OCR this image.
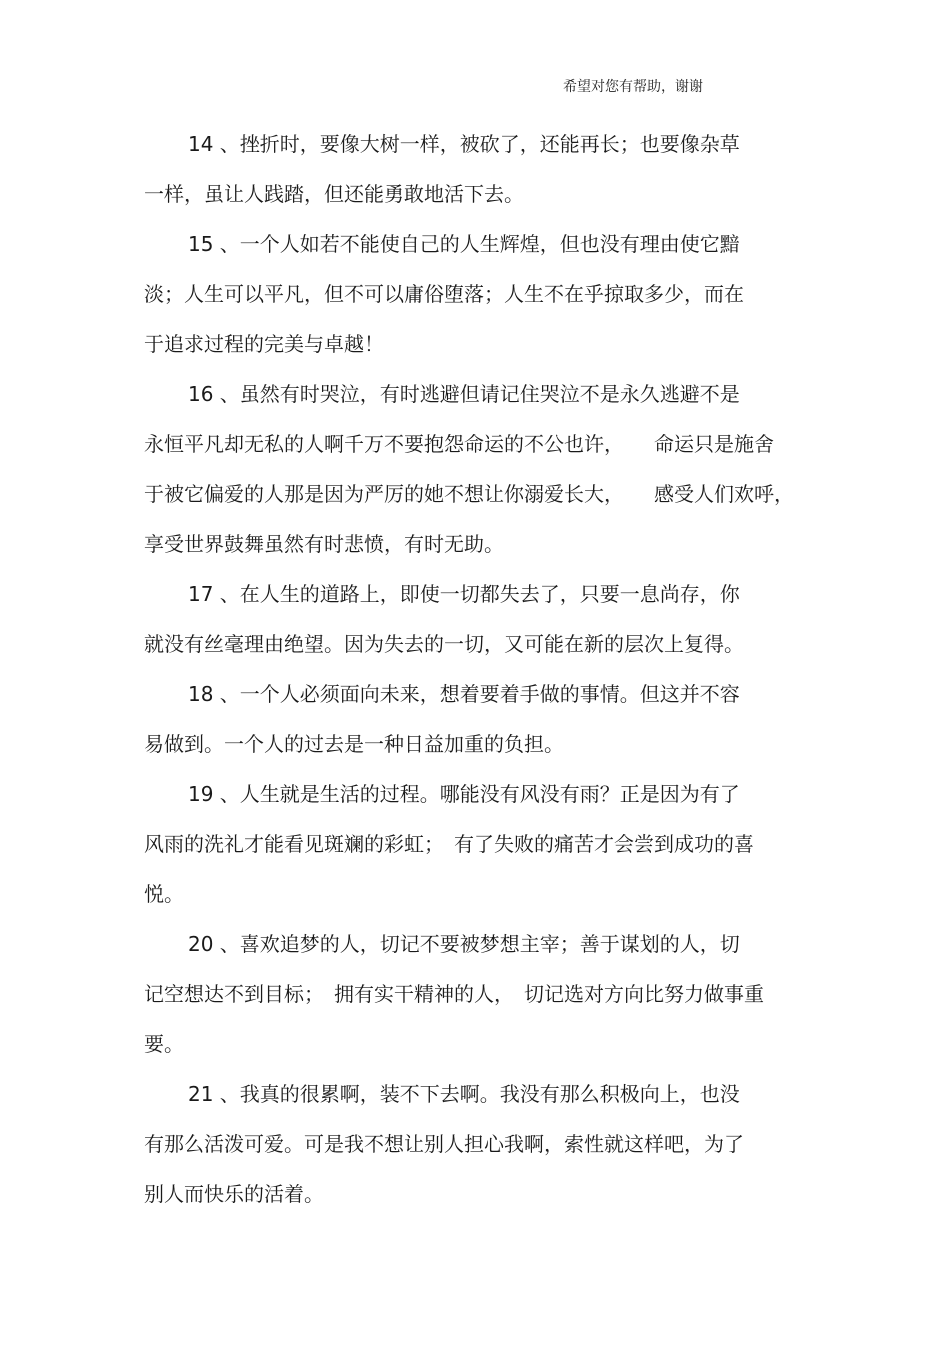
希望对您有帮助，谢谢
14 、挫折时，要像大树一样，被砍了，还能再长；也要像杂草
一样，虽让人践踏，但还能勇敢地活下去。
15 、一个人如若不能使自己的人生辉煌，但也没有理由使它黯
淡；人生可以平凡，但不可以庸俗堕落；人生不在乎掠取多少，而在
于追求过程的完美与卓越！
16 、虽然有时哭泣，有时逃避但请记住哭泣不是永久逃避不是
永恒平凡却无私的人啊千万不要抱怨命运的不公也许，　　命运只是施舍
于被它偏爱的人那是因为严厉的她不想让你溺爱长大，　　感受人们欢呼，
享受世界鼓舞虽然有时悲愤，有时无助。
17 、在人生的道路上，即使一切都失去了，只要一息尚存，你
就没有丝毫理由绝望。因为失去的一切，又可能在新的层次上复得。
18 、一个人必须面向未来，想着要着手做的事情。但这并不容
易做到。一个人的过去是一种日益加重的负担。
19 、人生就是生活的过程。哪能没有风没有雨？正是因为有了
风雨的洗礼才能看见斑斓的彩虹；　有了失败的痛苦才会尝到成功的喜
悦。
20 、喜欢追梦的人，切记不要被梦想主宰；善于谋划的人，切
记空想达不到目标；　拥有实干精神的人，　切记选对方向比努力做事重
要。
21 、我真的很累啊，装不下去啊。我没有那么积极向上，也没
有那么活泼可爱。可是我不想让别人担心我啊，索性就这样吧，为了
别人而快乐的活着。
